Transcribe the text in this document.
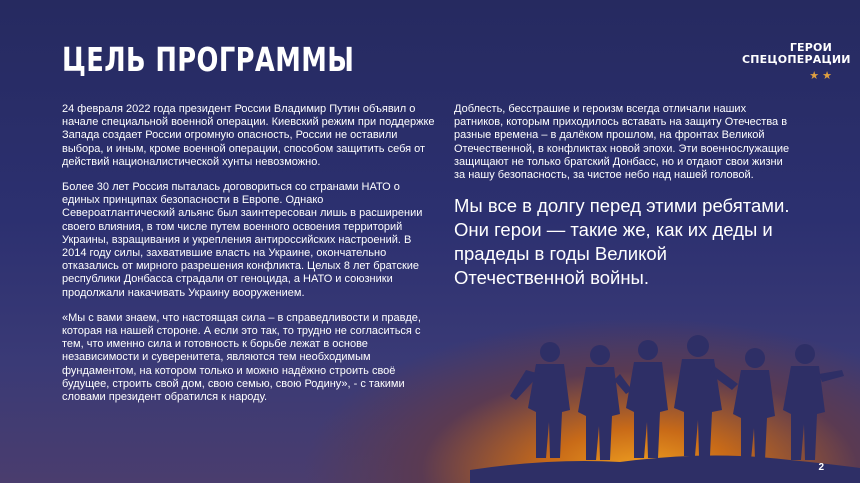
ЦЕЛЬ ПРОГРАММЫ	ГЕРОИ
СПЕЦОПЕРАЦИИ
★ ★

24 февраля 2022 года президент России Владимир Путин объявил о начале специальной военной операции. Киевский режим при поддержке Запада создает России огромную опасность, России не оставили выбора, и иным, кроме военной операции, способом защитить себя от действий националистической хунты невозможно.

Более 30 лет Россия пыталась договориться со странами НАТО о единых принципах безопасности в Европе. Однако Североатлантический альянс был заинтересован лишь в расширении своего влияния, в том числе путем военного освоения территорий Украины, взращивания и укрепления антироссийских настроений. В 2014 году силы, захватившие власть на Украине, окончательно отказались от мирного разрешения конфликта. Целых 8 лет братские республики Донбасса страдали от геноцида, а НАТО и союзники продолжали накачивать Украину вооружением.

«Мы с вами знаем, что настоящая сила – в справедливости и правде, которая на нашей стороне. А если это так, то трудно не согласиться с тем, что именно сила и готовность к борьбе лежат в основе независимости и суверенитета, являются тем необходимым фундаментом, на котором только и можно надёжно строить своё будущее, строить свой дом, свою семью, свою Родину», - с такими словами президент обратился к народу.

Доблесть, бесстрашие и героизм всегда отличали наших ратников, которым приходилось вставать на защиту Отечества в разные времена – в далёком прошлом, на фронтах Великой Отечественной, в конфликтах новой эпохи. Эти военнослужащие защищают не только братский Донбасс, но и отдают свои жизни за нашу безопасность, за чистое небо над нашей головой.

Мы все в долгу перед этими ребятами. Они герои — такие же, как их деды и прадеды в годы Великой Отечественной войны.

2
